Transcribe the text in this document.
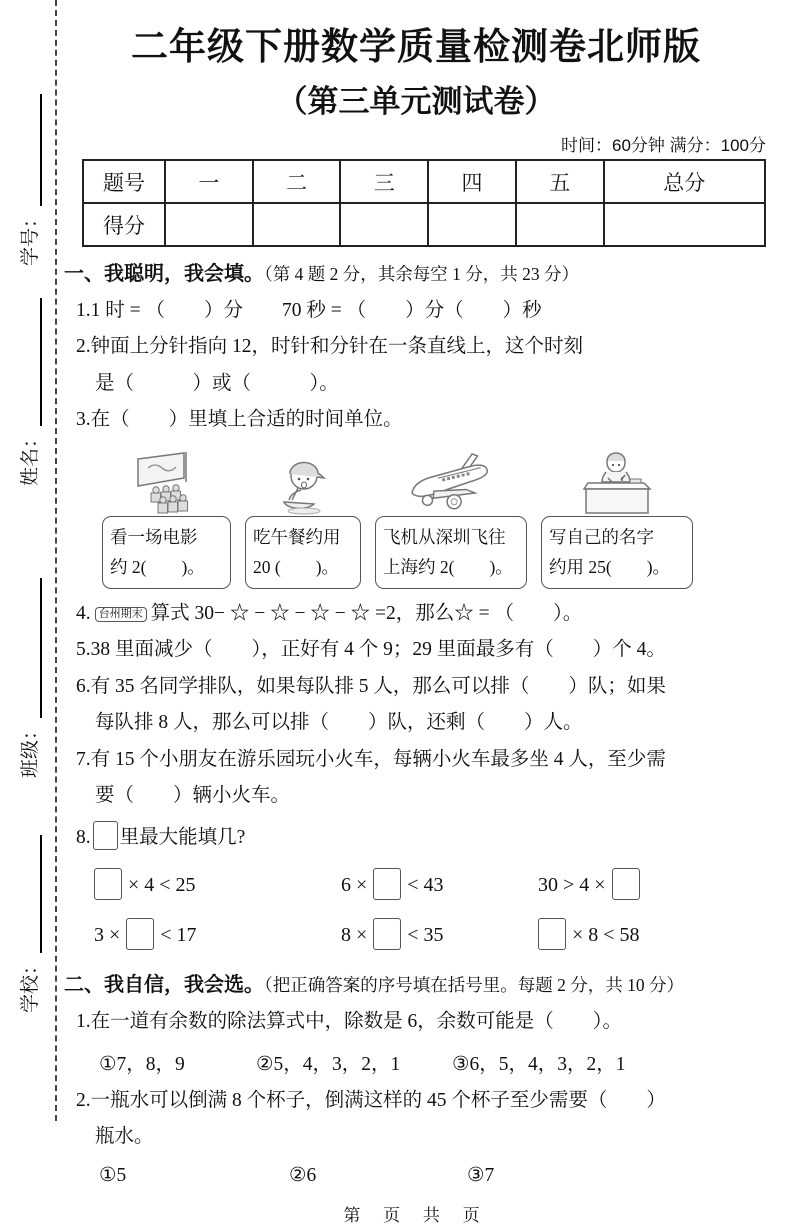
学号：
姓名：
班级：
学校：
二年级下册数学质量检测卷北师版
（第三单元测试卷）
时间：60分钟 满分：100分
题号	一	二	三	四	五	总分
得分						
一、我聪明，我会填。（第 4 题 2 分，其余每空 1 分，共 23 分）
1.1 时 = （　　）分　　70 秒 = （　　）分（　　）秒
2.钟面上分针指向 12，时针和分针在一条直线上，这个时刻
是（　　　）或（　　　）。
3.在（　　）里填上合适的时间单位。
看一场电影
约 2(　　)。
吃午餐约用
20 (　　)。
飞机从深圳飞往
上海约 2(　　)。
写自己的名字
约用 25(　　)。
4. 台州期末 算式 30− ☆ − ☆ − ☆ − ☆ =2，那么☆ = （　　）。
5.38 里面减少（　　），正好有 4 个 9；29 里面最多有（　　）个 4。
6.有 35 名同学排队，如果每队排 5 人，那么可以排（　　）队；如果
每队排 8 人，那么可以排（　　）队，还剩（　　）人。
7.有 15 个小朋友在游乐园玩小火车，每辆小火车最多坐 4 人，至少需
要（　　）辆小火车。
8. 里最大能填几?
× 4 < 25	6 × < 43	30 > 4 ×
3 × < 17	8 × < 35	× 8 < 58
二、我自信，我会选。（把正确答案的序号填在括号里。每题 2 分，共 10 分）
1.在一道有余数的除法算式中，除数是 6，余数可能是（　　）。
①7，8，9	②5，4，3，2，1	③6，5，4，3，2，1
2.一瓶水可以倒满 8 个杯子，倒满这样的 45 个杯子至少需要（　　）
瓶水。
①5	②6	③7
第 页 共 页
